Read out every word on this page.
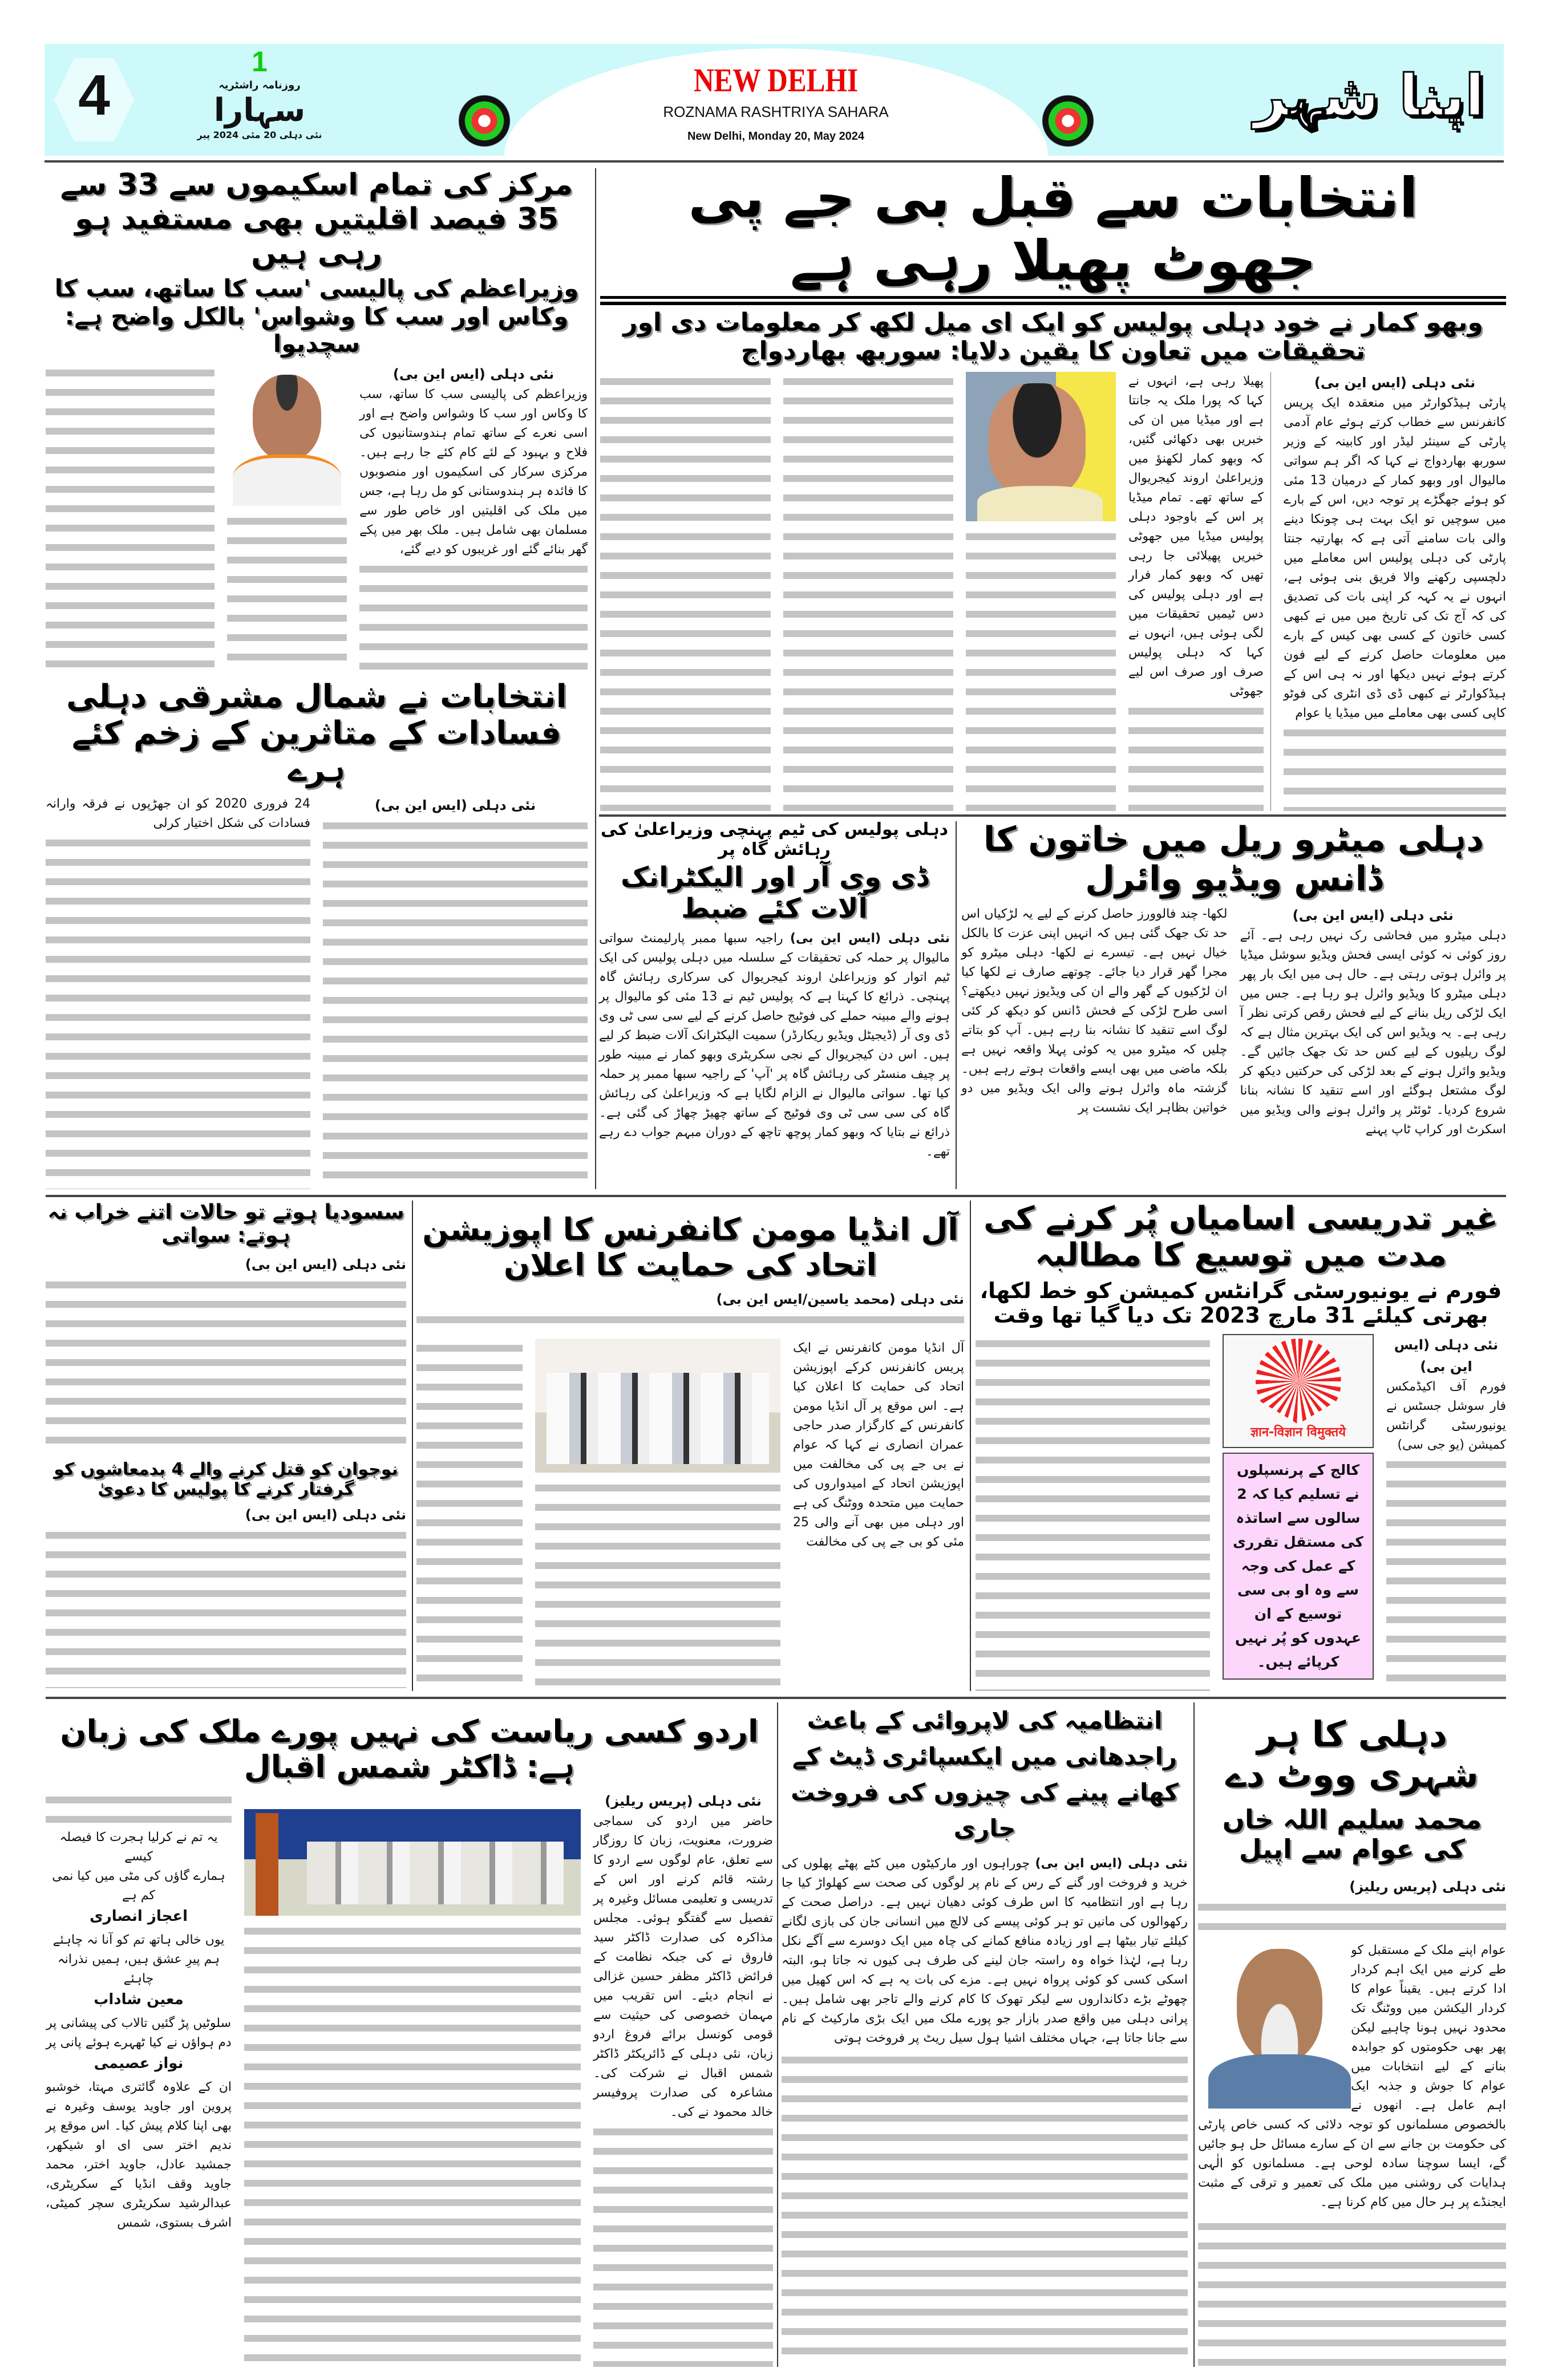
4
1
روزنامہ راشٹریہ
سہارا
نئی دہلی 20 مئی 2024 پیر
NEW DELHI
ROZNAMA RASHTRIYA SAHARA
New Delhi, Monday 20, May 2024
اپنا شہر
انتخابات سے قبل بی جے پی جھوٹ پھیلا رہی ہے
وبھو کمار نے خود دہلی پولیس کو ایک ای میل لکھ کر معلومات دی اور تحقیقات میں تعاون کا یقین دلایا: سوربھ بھاردواج
نئی دہلی (ایس این بی)

پارٹی ہیڈکوارٹر میں منعقدہ ایک پریس کانفرنس سے خطاب کرتے ہوئے عام آدمی پارٹی کے سینئر لیڈر اور کابینہ کے وزیر سوربھ بھاردواج نے کہا کہ اگر ہم سواتی مالیوال اور وبھو کمار کے درمیان 13 مئی کو ہوئے جھگڑے پر توجہ دیں، اس کے بارے میں سوچیں تو ایک بہت ہی چونکا دینے والی بات سامنے آتی ہے کہ بھارتیہ جنتا پارٹی کی دہلی پولیس اس معاملے میں دلچسپی رکھنے والا فریق بنی ہوئی ہے، انہوں نے یہ کہہ کر اپنی بات کی تصدیق کی کہ آج تک کی تاریخ میں میں نے کبھی کسی خاتون کے کسی بھی کیس کے بارے میں معلومات حاصل کرنے کے لیے فون کرتے ہوئے نہیں دیکھا اور نہ ہی اس کے ہیڈکوارٹر نے کبھی ڈی ڈی انٹری کی فوٹو کاپی کسی بھی معاملے میں میڈیا یا عوام

پھیلا رہی ہے، انہوں نے کہا کہ پورا ملک یہ جانتا ہے اور میڈیا میں ان کی خبریں بھی دکھائی گئیں، کہ وبھو کمار لکھنؤ میں وزیراعلیٰ اروند کیجریوال کے ساتھ تھے۔ تمام میڈیا پر اس کے باوجود دہلی پولیس میڈیا میں جھوٹی خبریں پھیلائی جا رہی تھیں کہ وبھو کمار فرار ہے اور دہلی پولیس کی دس ٹیمیں تحقیقات میں لگی ہوئی ہیں، انہوں نے کہا کہ دہلی پولیس صرف اور صرف اس لیے جھوٹی

مرکز کی تمام اسکیموں سے 33 سے 35 فیصد اقلیتیں بھی مستفید ہو رہی ہیں
وزیراعظم کی پالیسی 'سب کا ساتھ، سب کا وکاس اور سب کا وشواس' بالکل واضح ہے: سچدیوا
نئی دہلی (ایس این بی)

وزیراعظم کی پالیسی سب کا ساتھ، سب کا وکاس اور سب کا وشواس واضح ہے اور اسی نعرے کے ساتھ تمام ہندوستانیوں کی فلاح و بہبود کے لئے کام کئے جا رہے ہیں۔ مرکزی سرکار کی اسکیموں اور منصوبوں کا فائدہ ہر ہندوستانی کو مل رہا ہے، جس میں ملک کی اقلیتیں اور خاص طور سے مسلمان بھی شامل ہیں۔ ملک بھر میں پکے گھر بنائے گئے اور غریبوں کو دیے گئے،

انتخابات نے شمال مشرقی دہلی فسادات کے متاثرین کے زخم کئے ہرے
نئی دہلی (ایس این بی)

24 فروری 2020 کو ان جھڑپوں نے فرقہ وارانہ فسادات کی شکل اختیار کرلی	دہلی میٹرو ریل میں خاتون کا ڈانس ویڈیو وائرل
نئی دہلی (ایس این بی)

دہلی میٹرو میں فحاشی رک نہیں رہی ہے۔ آئے روز کوئی نہ کوئی ایسی فحش ویڈیو سوشل میڈیا پر وائرل ہوتی رہتی ہے۔ حال ہی میں ایک بار پھر دہلی میٹرو کا ویڈیو وائرل ہو رہا ہے۔ جس میں ایک لڑکی ریل بنانے کے لیے فحش رقص کرتی نظر آ رہی ہے۔ یہ ویڈیو اس کی ایک بہترین مثال ہے کہ لوگ ریلیوں کے لیے کس حد تک جھک جائیں گے۔ ویڈیو وائرل ہونے کے بعد لڑکی کی حرکتیں دیکھ کر لوگ مشتعل ہوگئے اور اسے تنقید کا نشانہ بنانا شروع کردیا۔ ٹوئٹر پر وائرل ہونے والی ویڈیو میں اسکرٹ اور کراپ ٹاپ پہنے

لکھا- چند فالوورز حاصل کرنے کے لیے یہ لڑکیاں اس حد تک جھک گئی ہیں کہ انہیں اپنی عزت کا بالکل خیال نہیں ہے۔ تیسرے نے لکھا- دہلی میٹرو کو مجرا گھر قرار دیا جائے۔ چوتھے صارف نے لکھا کیا ان لڑکیوں کے گھر والے ان کی ویڈیوز نہیں دیکھتے؟ اسی طرح لڑکی کے فحش ڈانس کو دیکھ کر کئی لوگ اسے تنقید کا نشانہ بنا رہے ہیں۔ آپ کو بتاتے چلیں کہ میٹرو میں یہ کوئی پہلا واقعہ نہیں ہے بلکہ ماضی میں بھی ایسے واقعات ہوتے رہے ہیں۔ گزشتہ ماہ وائرل ہونے والی ایک ویڈیو میں دو خواتین بظاہر ایک نشست پر

دہلی پولیس کی ٹیم پہنچی وزیراعلیٰ کی رہائش گاہ پر
ڈی وی آر اور الیکٹرانک آلات کئے ضبط

نئی دہلی (ایس این بی) راجیہ سبھا ممبر پارلیمنٹ سواتی مالیوال پر حملہ کی تحقیقات کے سلسلہ میں دہلی پولیس کی ایک ٹیم اتوار کو وزیراعلیٰ اروند کیجریوال کی سرکاری رہائش گاہ پہنچی۔ ذرائع کا کہنا ہے کہ پولیس ٹیم نے 13 مئی کو مالیوال پر ہونے والے مبینہ حملے کی فوٹیج حاصل کرنے کے لیے سی سی ٹی وی ڈی وی آر (ڈیجیٹل ویڈیو ریکارڈر) سمیت الیکٹرانک آلات ضبط کر لیے ہیں۔ اس دن کیجریوال کے نجی سکریٹری وبھو کمار نے مبینہ طور پر چیف منسٹر کی رہائش گاہ پر 'آپ' کے راجیہ سبھا ممبر پر حملہ کیا تھا۔ سواتی مالیوال نے الزام لگایا ہے کہ وزیراعلیٰ کی رہائش گاہ کی سی سی ٹی وی فوٹیج کے ساتھ چھیڑ چھاڑ کی گئی ہے۔ ذرائع نے بتایا کہ وبھو کمار پوچھ تاچھ کے دوران مبہم جواب دے رہے تھے۔

غیر تدریسی اسامیاں پُر کرنے کی مدت میں توسیع کا مطالبہ
فورم نے یونیورسٹی گرانٹس کمیشن کو خط لکھا، بھرتی کیلئے 31 مارچ 2023 تک دیا گیا تھا وقت
نئی دہلی (ایس این بی)

فورم آف اکیڈمکس فار سوشل جسٹس نے یونیورسٹی گرانٹس کمیشن (یو جی سی)

ज्ञान-विज्ञान विमुक्तये
کالج کے پرنسپلوں نے تسلیم کیا کہ 2 سالوں سے اساتذہ کی مستقل تقرری کے عمل کی وجہ سے وہ او بی سی توسیع کے ان عہدوں کو پُر نہیں کرپائے ہیں۔
آل انڈیا مومن کانفرنس کا اپوزیشن اتحاد کی حمایت کا اعلان
نئی دہلی (محمد یاسین/ایس این بی)

آل انڈیا مومن کانفرنس نے ایک پریس کانفرنس کرکے اپوزیشن اتحاد کی حمایت کا اعلان کیا ہے۔ اس موقع پر آل انڈیا مومن کانفرنس کے کارگزار صدر حاجی عمران انصاری نے کہا کہ عوام نے بی جے پی کی مخالفت میں اپوزیشن اتحاد کے امیدواروں کی حمایت میں متحدہ ووٹنگ کی ہے اور دہلی میں بھی آنے والی 25 مئی کو بی جے پی کی مخالفت

سسودیا ہوتے تو حالات اتنے خراب نہ ہوتے: سواتی
نئی دہلی (ایس این بی)
نوجوان کو قتل کرنے والے 4 بدمعاشوں کو گرفتار کرنے کا پولیس کا دعویٰ
نئی دہلی (ایس این بی)
دہلی کا ہر شہری ووٹ دے
محمد سلیم اللہ خاں کی عوام سے اپیل
نئی دہلی (پریس ریلیز)

عوام اپنے ملک کے مستقبل کو طے کرنے میں ایک اہم کردار ادا کرتے ہیں۔ یقیناً عوام کا کردار الیکشن میں ووٹنگ تک محدود نہیں ہونا چاہیے لیکن پھر بھی حکومتوں کو جوابدہ بنانے کے لیے انتخابات میں عوام کا جوش و جذبہ ایک اہم عامل ہے۔ انھوں نے بالخصوص مسلمانوں کو توجہ دلائی کہ کسی خاص پارٹی کی حکومت بن جانے سے ان کے سارے مسائل حل ہو جائیں گے، ایسا سوچنا سادہ لوحی ہے۔ مسلمانوں کو الٰہی ہدایات کی روشنی میں ملک کی تعمیر و ترقی کے مثبت ایجنڈے پر ہر حال میں کام کرنا ہے۔

انتظامیہ کی لاپروائی کے باعث راجدھانی میں ایکسپائری ڈیٹ کے کھانے پینے کی چیزوں کی فروخت جاری

نئی دہلی (ایس این بی) چوراہوں اور مارکیٹوں میں کٹے پھٹے پھلوں کی خرید و فروخت اور گنے کے رس کے نام پر لوگوں کی صحت سے کھلواڑ کیا جا رہا ہے اور انتظامیہ کا اس طرف کوئی دھیان نہیں ہے۔ دراصل صحت کے رکھوالوں کی مانیں تو ہر کوئی پیسے کی لالچ میں انسانی جان کی بازی لگانے کیلئے تیار بیٹھا ہے اور زیادہ منافع کمانے کی چاہ میں ایک دوسرے سے آگے نکل رہا ہے، لہٰذا خواہ وہ راستہ جان لینے کی طرف ہی کیوں نہ جاتا ہو، البتہ اسکی کسی کو کوئی پرواہ نہیں ہے۔ مزے کی بات یہ ہے کہ اس کھیل میں چھوٹے بڑے دکانداروں سے لیکر تھوک کا کام کرنے والے تاجر بھی شامل ہیں۔ پرانی دہلی میں واقع صدر بازار جو پورے ملک میں ایک بڑی مارکیٹ کے نام سے جانا جاتا ہے، جہاں مختلف اشیا ہول سیل ریٹ پر فروخت ہوتی

اردو کسی ریاست کی نہیں پورے ملک کی زبان ہے: ڈاکٹر شمس اقبال
نئی دہلی (پریس ریلیز)

حاضر میں اردو کی سماجی ضرورت، معنویت، زبان کا روزگار سے تعلق، عام لوگوں سے اردو کا رشتہ قائم کرنے اور اس کے تدریسی و تعلیمی مسائل وغیرہ پر تفصیل سے گفتگو ہوئی۔ مجلس مذاکرہ کی صدارت ڈاکٹر سید فاروق نے کی جبکہ نظامت کے فرائض ڈاکٹر مظفر حسین غزالی نے انجام دیئے۔ اس تقریب میں مہمان خصوصی کی حیثیت سے قومی کونسل برائے فروغ اردو زبان، نئی دہلی کے ڈائریکٹر ڈاکٹر شمس اقبال نے شرکت کی۔ مشاعرہ کی صدارت پروفیسر خالد محمود نے کی۔

یہ تم نے کرلیا ہجرت کا فیصلہ کیسے
ہمارے گاؤں کی مٹی میں کیا نمی کم ہے
اعجاز انصاری
یوں خالی ہاتھ تم کو آنا نہ چاہئے
ہم پیرِ عشق ہیں، ہمیں نذرانہ چاہئے
معین شاداب
سلوٹیں پڑ گئیں تالاب کی پیشانی پر
دم ہواؤں نے کیا ٹھہرے ہوئے پانی پر
نواز عصیمی

ان کے علاوہ گائتری مہتا، خوشبو پروین اور جاوید یوسف وغیرہ نے بھی اپنا کلام پیش کیا۔ اس موقع پر ندیم اختر سی ای او شیکھر، جمشید عادل، جاوید اختر، محمد جاوید وقف انڈیا کے سکریٹری، عبدالرشید سکریٹری سچر کمیٹی، اشرف بستوی، شمس
